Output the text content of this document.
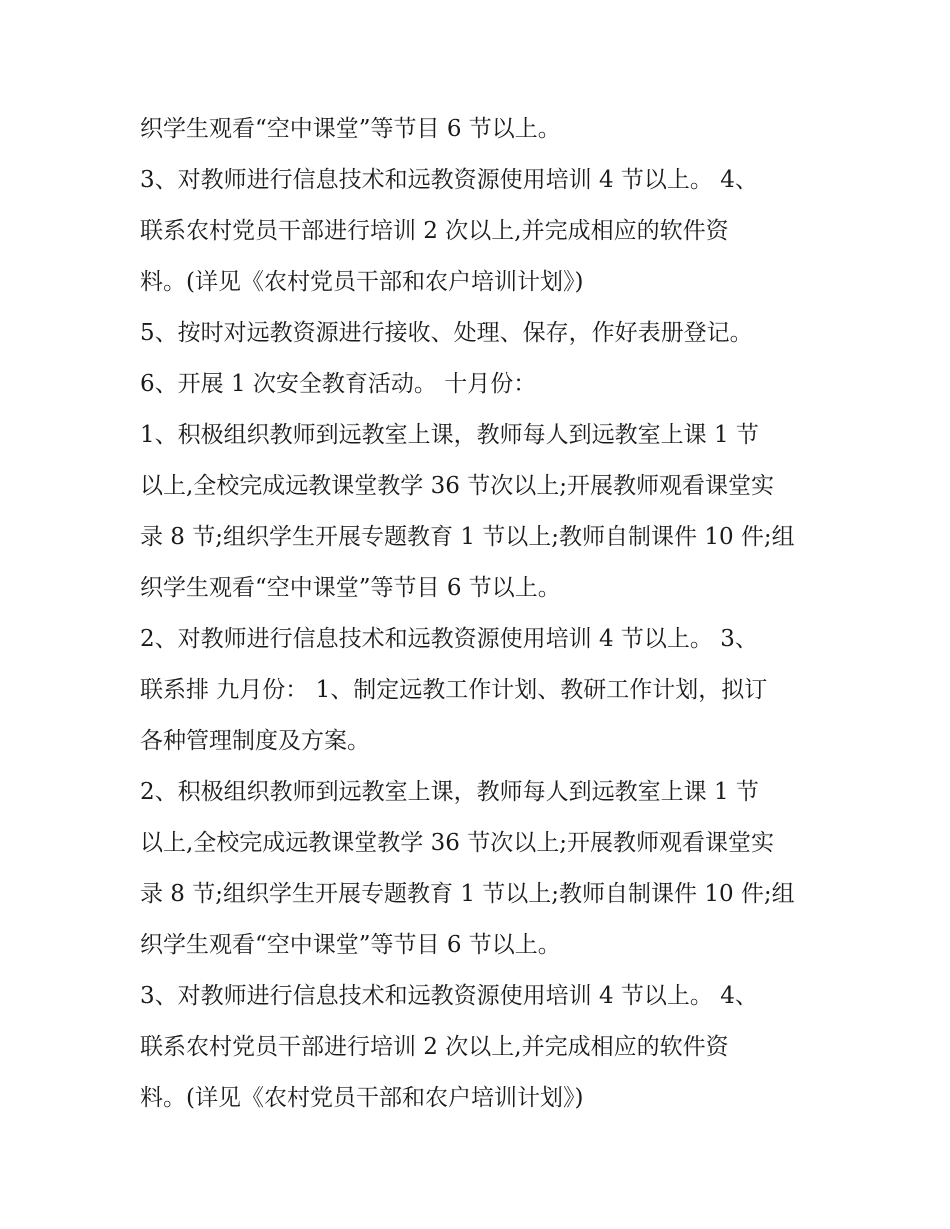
织学生观看“空中课堂”等节目 6 节以上。
3、对教师进行信息技术和远教资源使用培训 4 节以上。 4、
联系农村党员干部进行培训 2 次以上,并完成相应的软件资
料。(详见《农村党员干部和农户培训计划》)
5、按时对远教资源进行接收、处理、保存，作好表册登记。
6、开展 1 次安全教育活动。 十月份：
1、积极组织教师到远教室上课，教师每人到远教室上课 1 节
以上,全校完成远教课堂教学 36 节次以上;开展教师观看课堂实
录 8 节;组织学生开展专题教育 1 节以上;教师自制课件 10 件;组
织学生观看“空中课堂”等节目 6 节以上。
2、对教师进行信息技术和远教资源使用培训 4 节以上。 3、
联系排 九月份： 1、制定远教工作计划、教研工作计划，拟订
各种管理制度及方案。
2、积极组织教师到远教室上课，教师每人到远教室上课 1 节
以上,全校完成远教课堂教学 36 节次以上;开展教师观看课堂实
录 8 节;组织学生开展专题教育 1 节以上;教师自制课件 10 件;组
织学生观看“空中课堂”等节目 6 节以上。
3、对教师进行信息技术和远教资源使用培训 4 节以上。 4、
联系农村党员干部进行培训 2 次以上,并完成相应的软件资
料。(详见《农村党员干部和农户培训计划》)
